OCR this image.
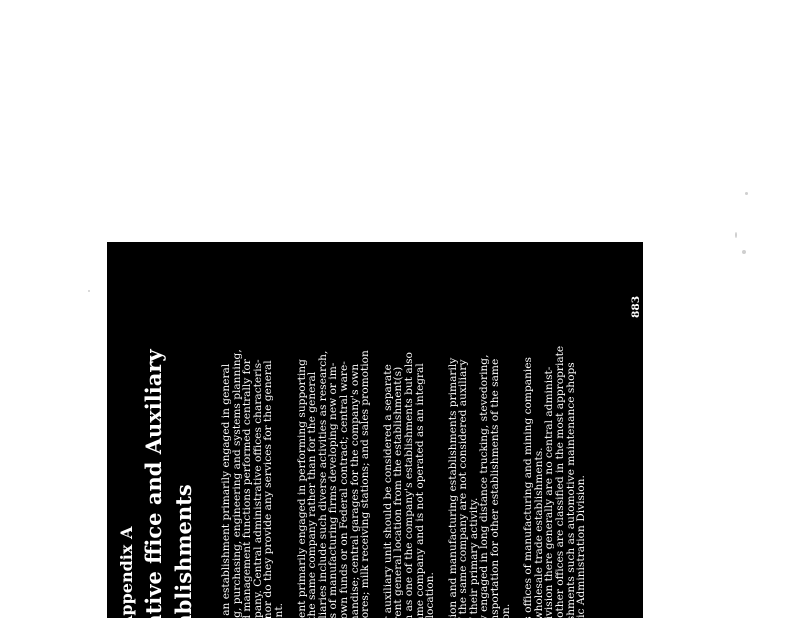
Appendix A ative ffice and Auxiliary ablishments is an establishment primarily engaged in general
ing, purchasing, engineering and systems planning,
ed management functions performed centrally for
mpany. Central administrative offices characteris-
s nor do they provide any services for the general
tent. ment primarily engaged in performing supporting
f the same company rather than for the general
xiliaries include such diverse activities as research,
ies of manufacturing firms developing new or im-
s own funds or on Federal contract; central ware-
chandise; central garages for the company's own
stores; milk receiving stations; and sales promotion or auxiliary unit should be considered a separate
erent general location from the establishment(s)
on as one of the company's establishments but also
same company and is not operated as an integral
e location. ation and manufacturing establishments primarily
of the same company are not considered auxiliary
of their primary activity.
ily engaged in long distance trucking, stevedoring,
ansportation for other establishments of the same
tion. es offices of manufacturing and mining companies
) wholesale trade establishments.
Division there generally are no central administ-
d other offices are classified in the most appropriate
lishments such as automotive maintenance shops
blic Administration Division.
883
